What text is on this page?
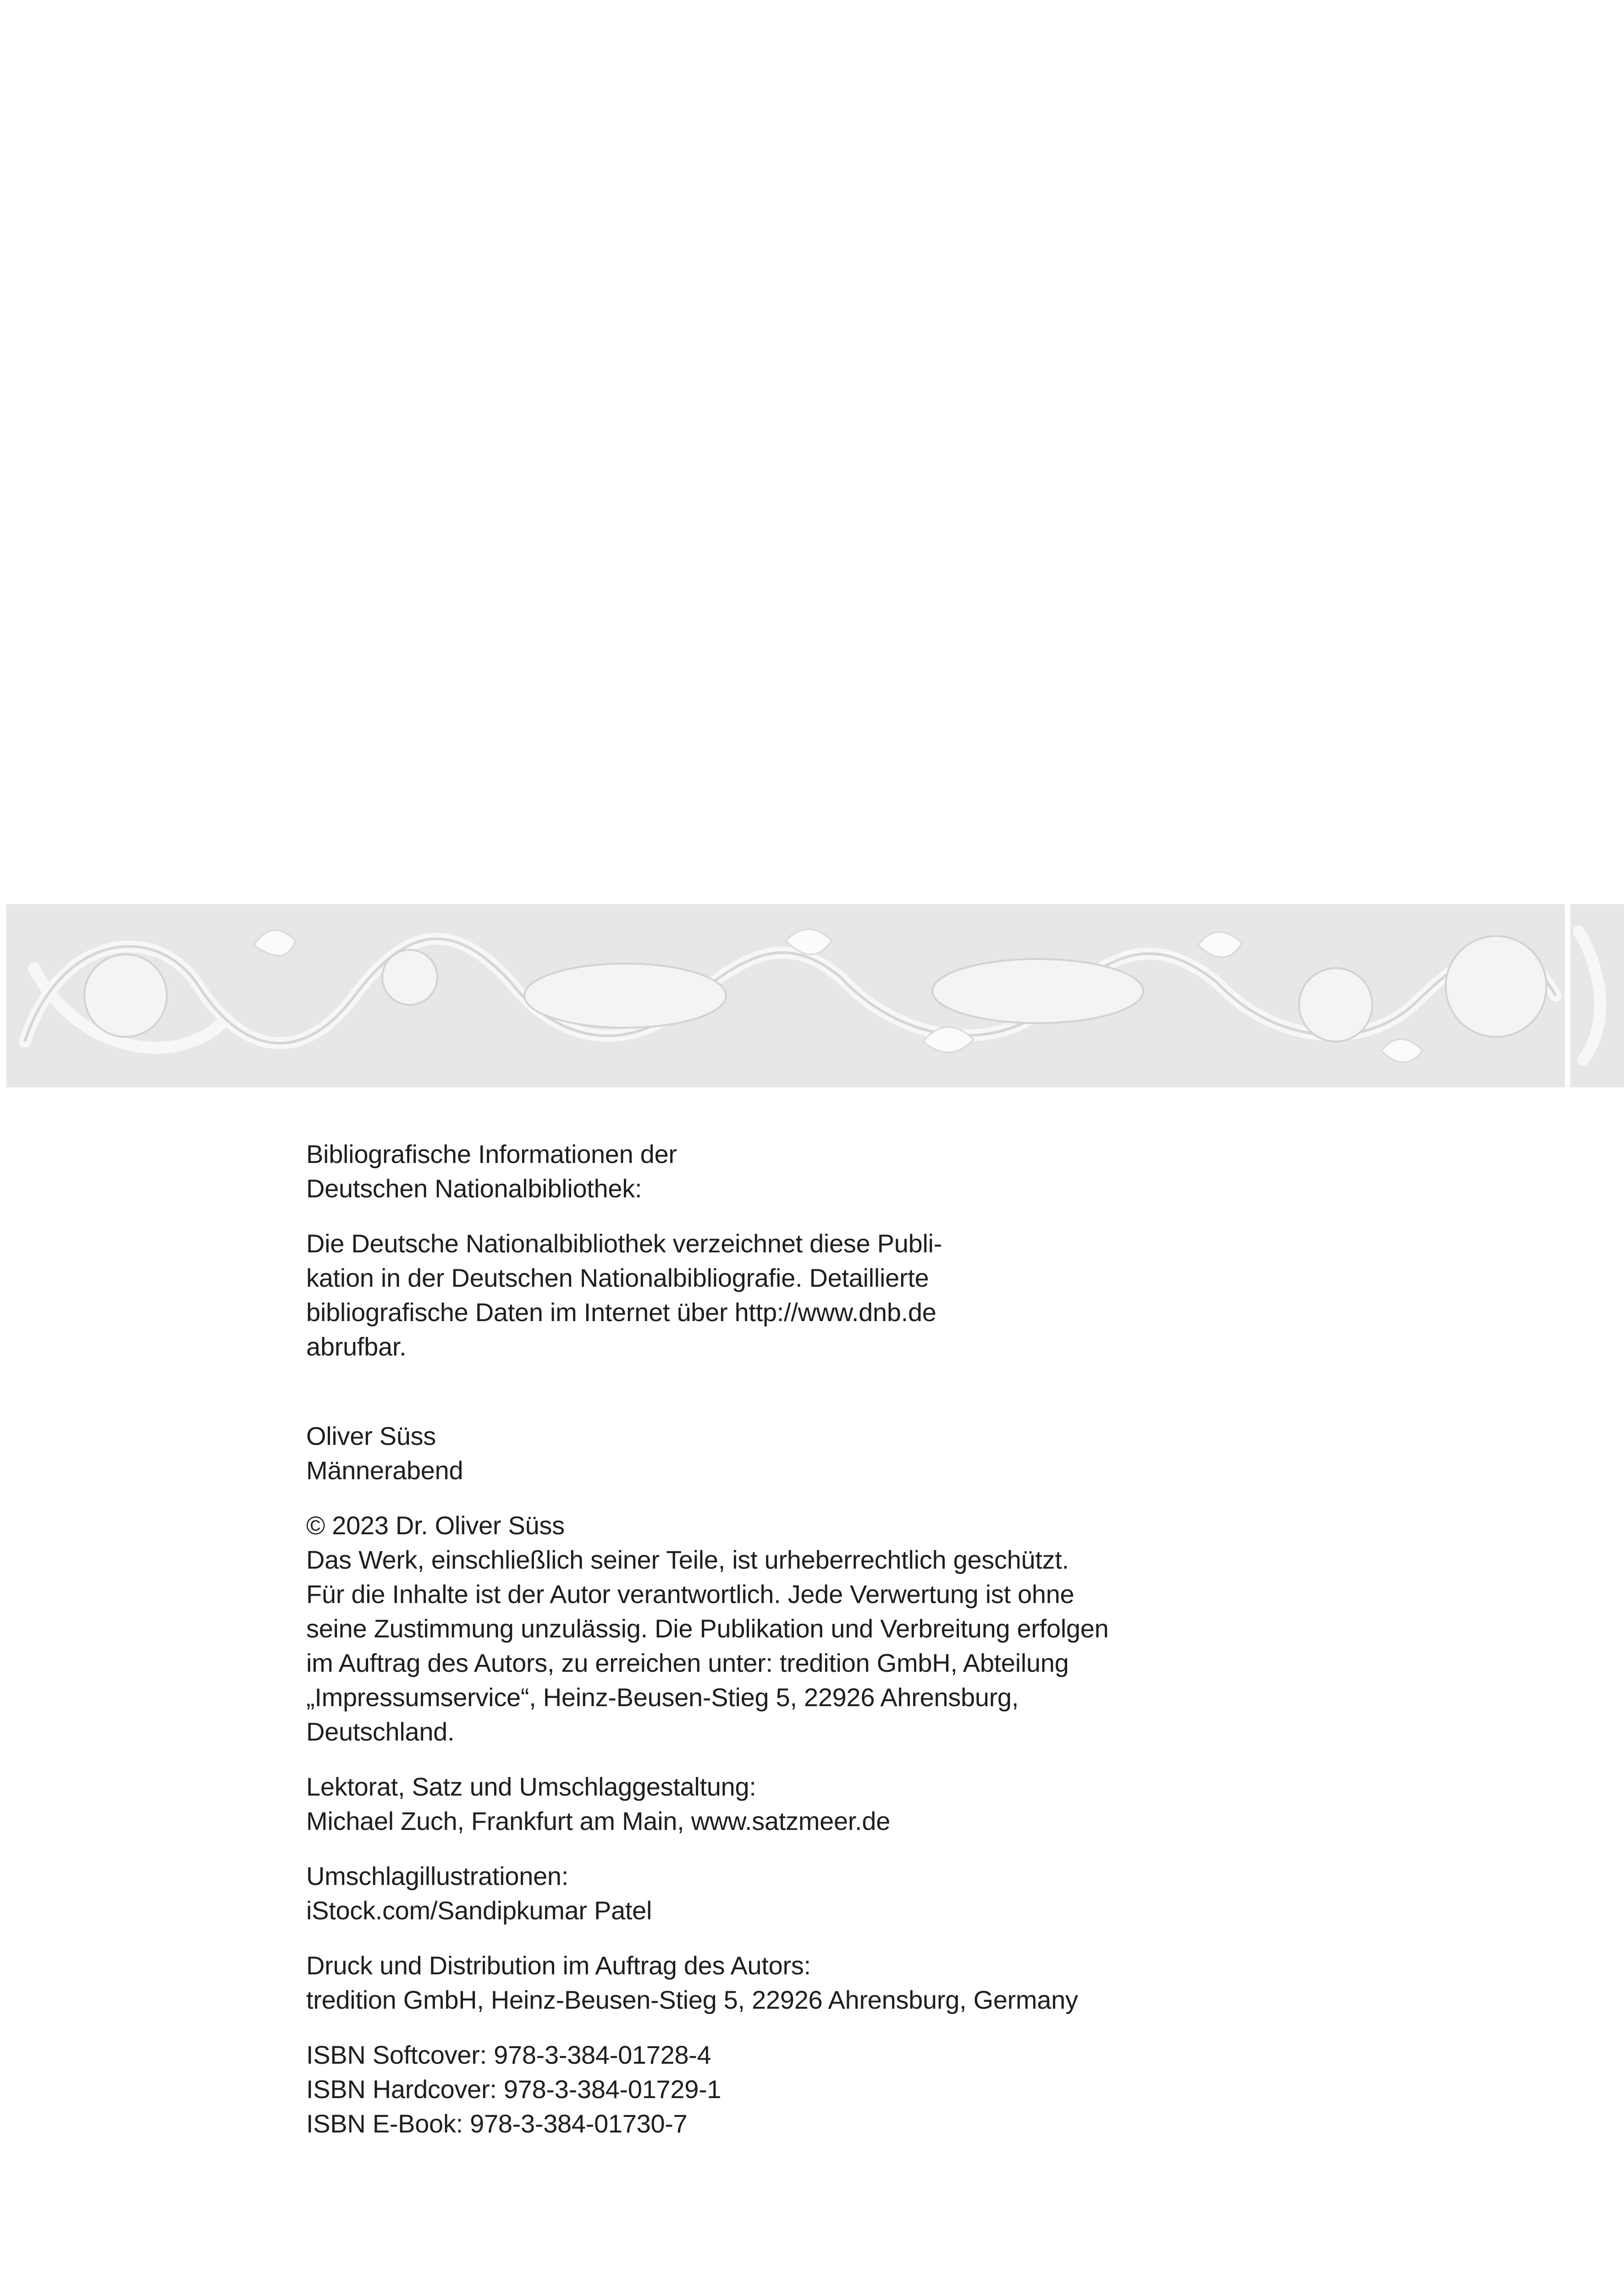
Bibliografische Informationen der

Deutschen Nationalbibliothek:

Die Deutsche Nationalbibliothek verzeichnet diese Publi-

kation in der Deutschen Nationalbibliografie. Detaillierte

bibliografische Daten im Internet über http://www.dnb.de

abrufbar.

Oliver Süss

Männerabend

© 2023 Dr. Oliver Süss

Das Werk, einschließlich seiner Teile, ist urheberrechtlich geschützt.

Für die Inhalte ist der Autor verantwortlich. Jede Verwertung ist ohne

seine Zustimmung unzulässig. Die Publikation und Verbreitung erfolgen

im Auftrag des Autors, zu erreichen unter: tredition GmbH, Abteilung

„Impressumservice“, Heinz-Beusen-Stieg 5, 22926 Ahrensburg,

Deutschland.

Lektorat, Satz und Umschlaggestaltung:

Michael Zuch, Frankfurt am Main, www.satzmeer.de

Umschlagillustrationen:

iStock.com/Sandipkumar Patel

Druck und Distribution im Auftrag des Autors:

tredition GmbH, Heinz-Beusen-Stieg 5, 22926 Ahrensburg, Germany

ISBN Softcover: 978-3-384-01728-4

ISBN Hardcover: 978-3-384-01729-1

ISBN E-Book: 978-3-384-01730-7
